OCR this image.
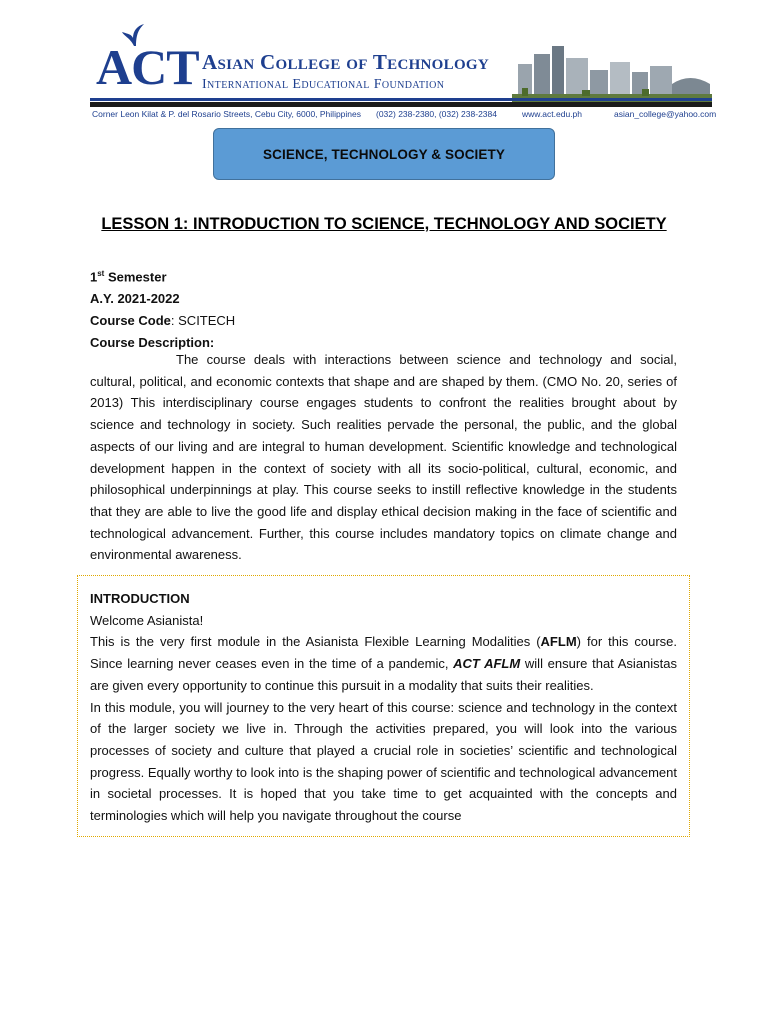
ACT Asian College of Technology
International Educational Foundation
Corner Leon Kilat & P. del Rosario Streets, Cebu City, 6000, Philippines (032) 238-2380, (032) 238-2384	www.act.edu.ph	asian_college@yahoo.com
SCIENCE, TECHNOLOGY & SOCIETY
LESSON 1: INTRODUCTION TO SCIENCE, TECHNOLOGY AND SOCIETY
1st Semester
A.Y. 2021-2022
Course Code: SCITECH
Course Description:

The course deals with interactions between science and technology and social, cultural, political, and economic contexts that shape and are shaped by them. (CMO No. 20, series of 2013) This interdisciplinary course engages students to confront the realities brought about by science and technology in society. Such realities pervade the personal, the public, and the global aspects of our living and are integral to human development. Scientific knowledge and technological development happen in the context of society with all its socio-political, cultural, economic, and philosophical underpinnings at play. This course seeks to instill reflective knowledge in the students that they are able to live the good life and display ethical decision making in the face of scientific and technological advancement. Further, this course includes mandatory topics on climate change and environmental awareness.

INTRODUCTION

Welcome Asianista!

This is the very first module in the Asianista Flexible Learning Modalities (AFLM) for this course. Since learning never ceases even in the time of a pandemic, ACT AFLM will ensure that Asianistas are given every opportunity to continue this pursuit in a modality that suits their realities.

In this module, you will journey to the very heart of this course: science and technology in the context of the larger society we live in. Through the activities prepared, you will look into the various processes of society and culture that played a crucial role in societies’ scientific and technological progress. Equally worthy to look into is the shaping power of scientific and technological advancement in societal processes. It is hoped that you take time to get acquainted with the concepts and terminologies which will help you navigate throughout the course
